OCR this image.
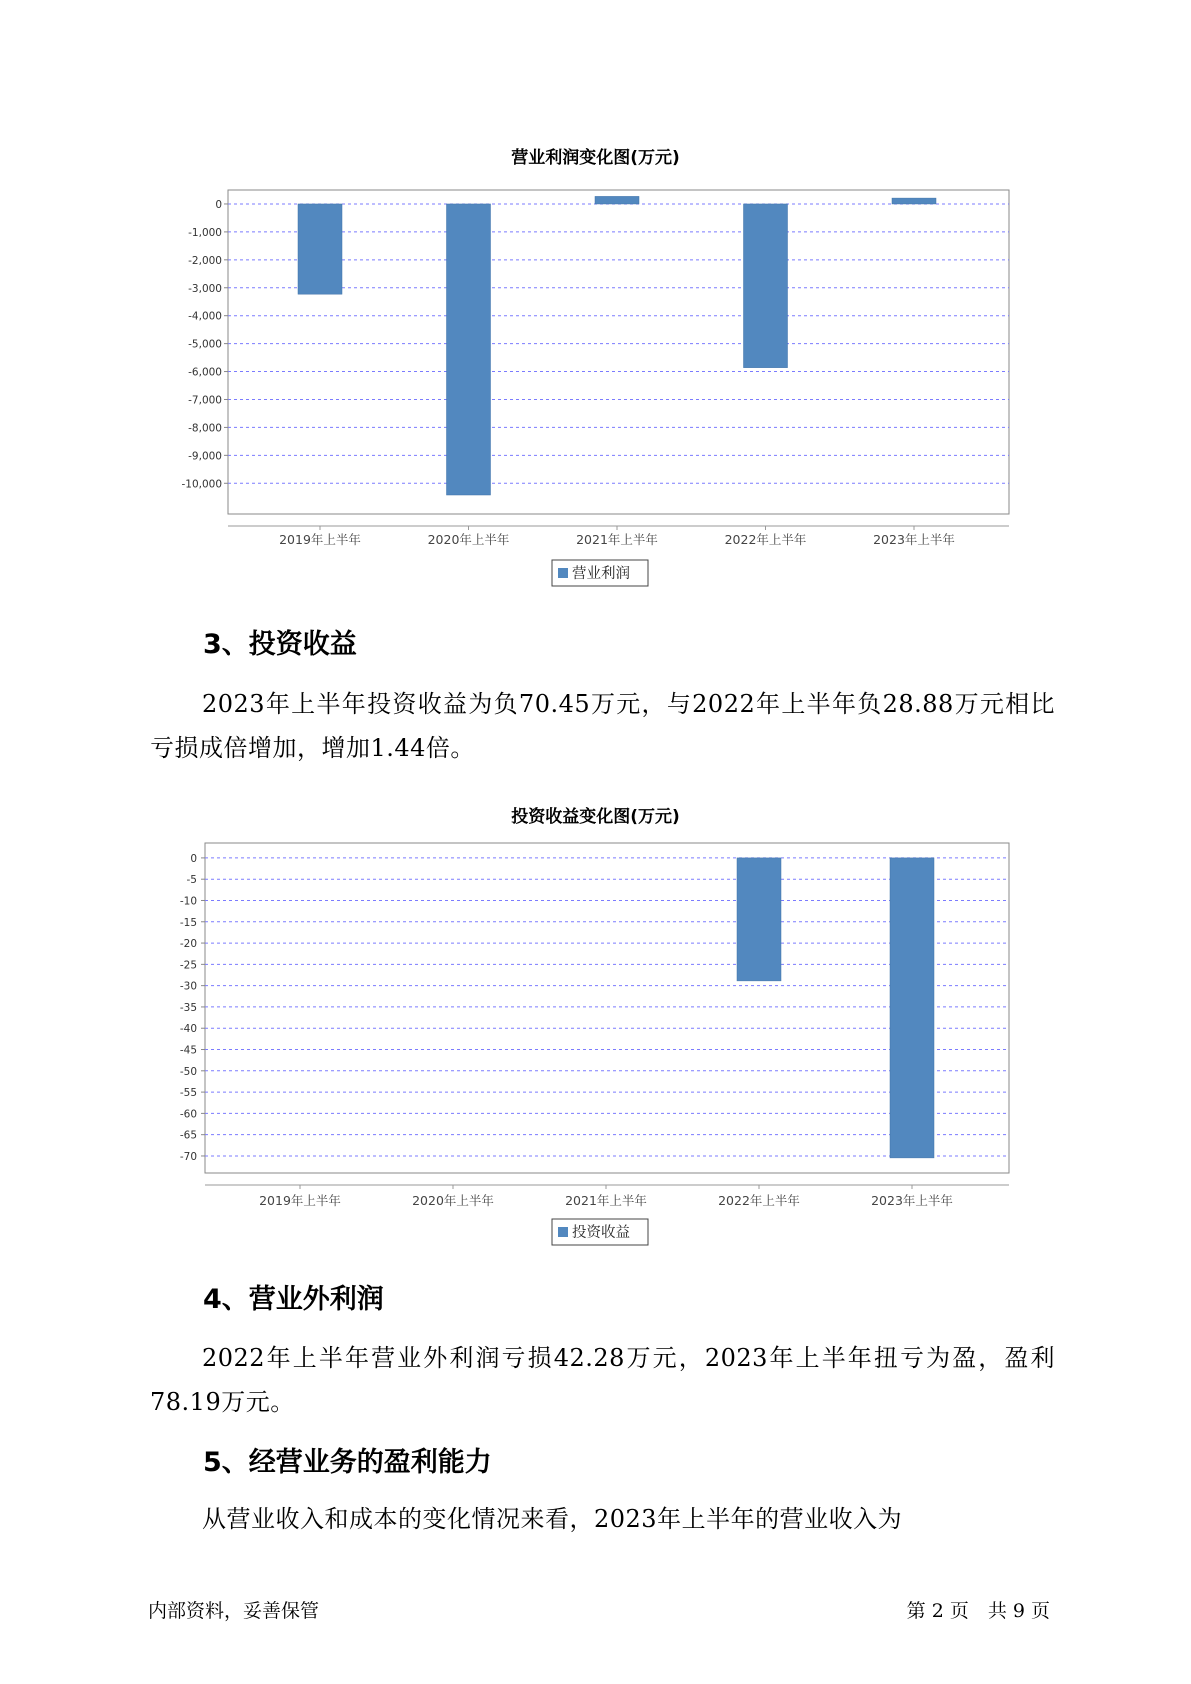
营业利润变化图(万元)
0
-1,000
-2,000
-3,000
-4,000
-5,000
-6,000
-7,000
-8,000
-9,000
-10,000
2019年上半年	2020年上半年	2021年上半年	2022年上半年	2023年上半年
营业利润
3、投资收益

2023年上半年投资收益为负70.45万元，与2022年上半年负28.88万元相比亏损成倍增加，增加1.44倍。

投资收益变化图(万元)
0
-5
-10
-15
-20
-25
-30
-35
-40
-45
-50
-55
-60
-65
-70
2019年上半年	2020年上半年	2021年上半年	2022年上半年	2023年上半年
投资收益
4、营业外利润

2022年上半年营业外利润亏损42.28万元，2023年上半年扭亏为盈，盈利78.19万元。

5、经营业务的盈利能力

从营业收入和成本的变化情况来看，2023年上半年的营业收入为

内部资料，妥善保管	第 2 页　共 9 页
